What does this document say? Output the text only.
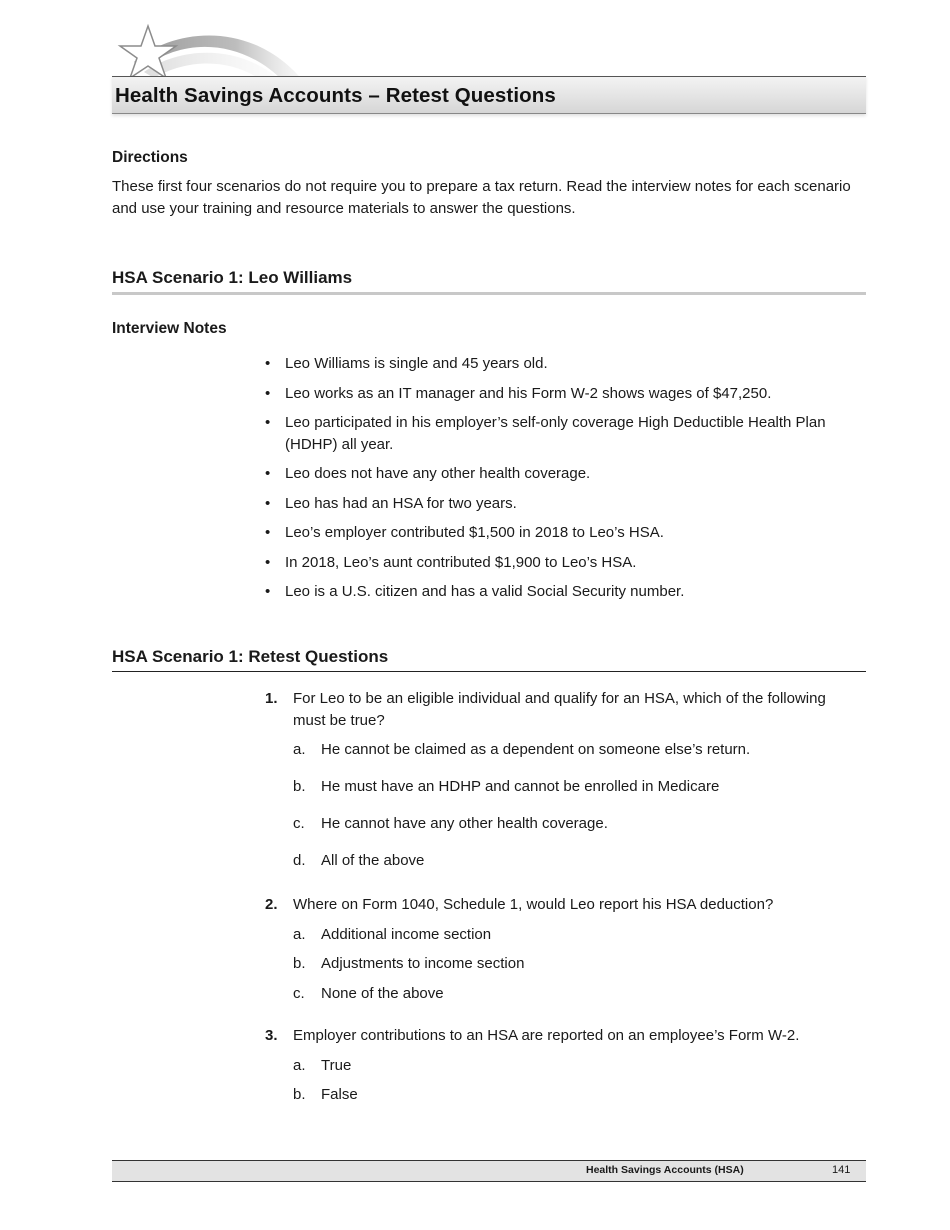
Health Savings Accounts – Retest Questions
Directions

These first four scenarios do not require you to prepare a tax return. Read the interview notes for each scenario and use your training and resource materials to answer the questions.

HSA Scenario 1: Leo Williams
Interview Notes
• Leo Williams is single and 45 years old.
• Leo works as an IT manager and his Form W-2 shows wages of $47,250.
• Leo participated in his employer’s self-only coverage High Deductible Health Plan (HDHP) all year.
• Leo does not have any other health coverage.
• Leo has had an HSA for two years.
• Leo’s employer contributed $1,500 in 2018 to Leo’s HSA.
• In 2018, Leo’s aunt contributed $1,900 to Leo’s HSA.
• Leo is a U.S. citizen and has a valid Social Security number.
HSA Scenario 1: Retest Questions
1. For Leo to be an eligible individual and qualify for an HSA, which of the following must be true?
a. He cannot be claimed as a dependent on someone else’s return.
b. He must have an HDHP and cannot be enrolled in Medicare
c. He cannot have any other health coverage.
d. All of the above
2. Where on Form 1040, Schedule 1, would Leo report his HSA deduction?
a. Additional income section
b. Adjustments to income section
c. None of the above
3. Employer contributions to an HSA are reported on an employee’s Form W-2.
a. True
b. False
Health Savings Accounts (HSA)	141
